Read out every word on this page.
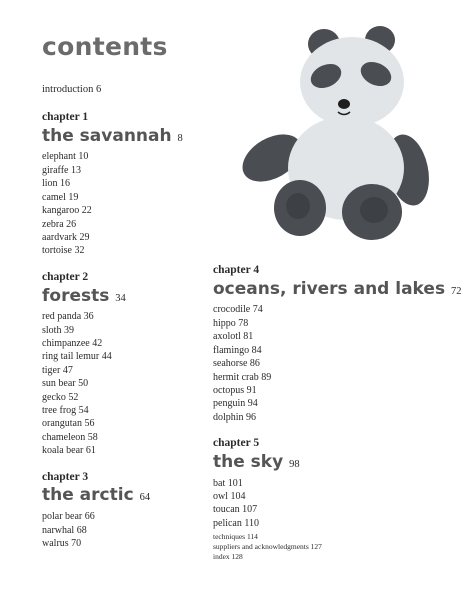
contents

introduction 6

chapter 1
the savannah 8
elephant 10
giraffe 13
lion 16
camel 19
kangaroo 22
zebra 26
aardvark 29
tortoise 32
chapter 2
forests 34
red panda 36
sloth 39
chimpanzee 42
ring tail lemur 44
tiger 47
sun bear 50
gecko 52
tree frog 54
orangutan 56
chameleon 58
koala bear 61
chapter 3
the arctic 64
polar bear 66
narwhal 68
walrus 70
chapter 4
oceans, rivers and lakes 72
crocodile 74
hippo 78
axolotl 81
flamingo 84
seahorse 86
hermit crab 89
octopus 91
penguin 94
dolphin 96
chapter 5
the sky 98
bat 101
owl 104
toucan 107
pelican 110
techniques 114
suppliers and acknowledgments 127
index 128
